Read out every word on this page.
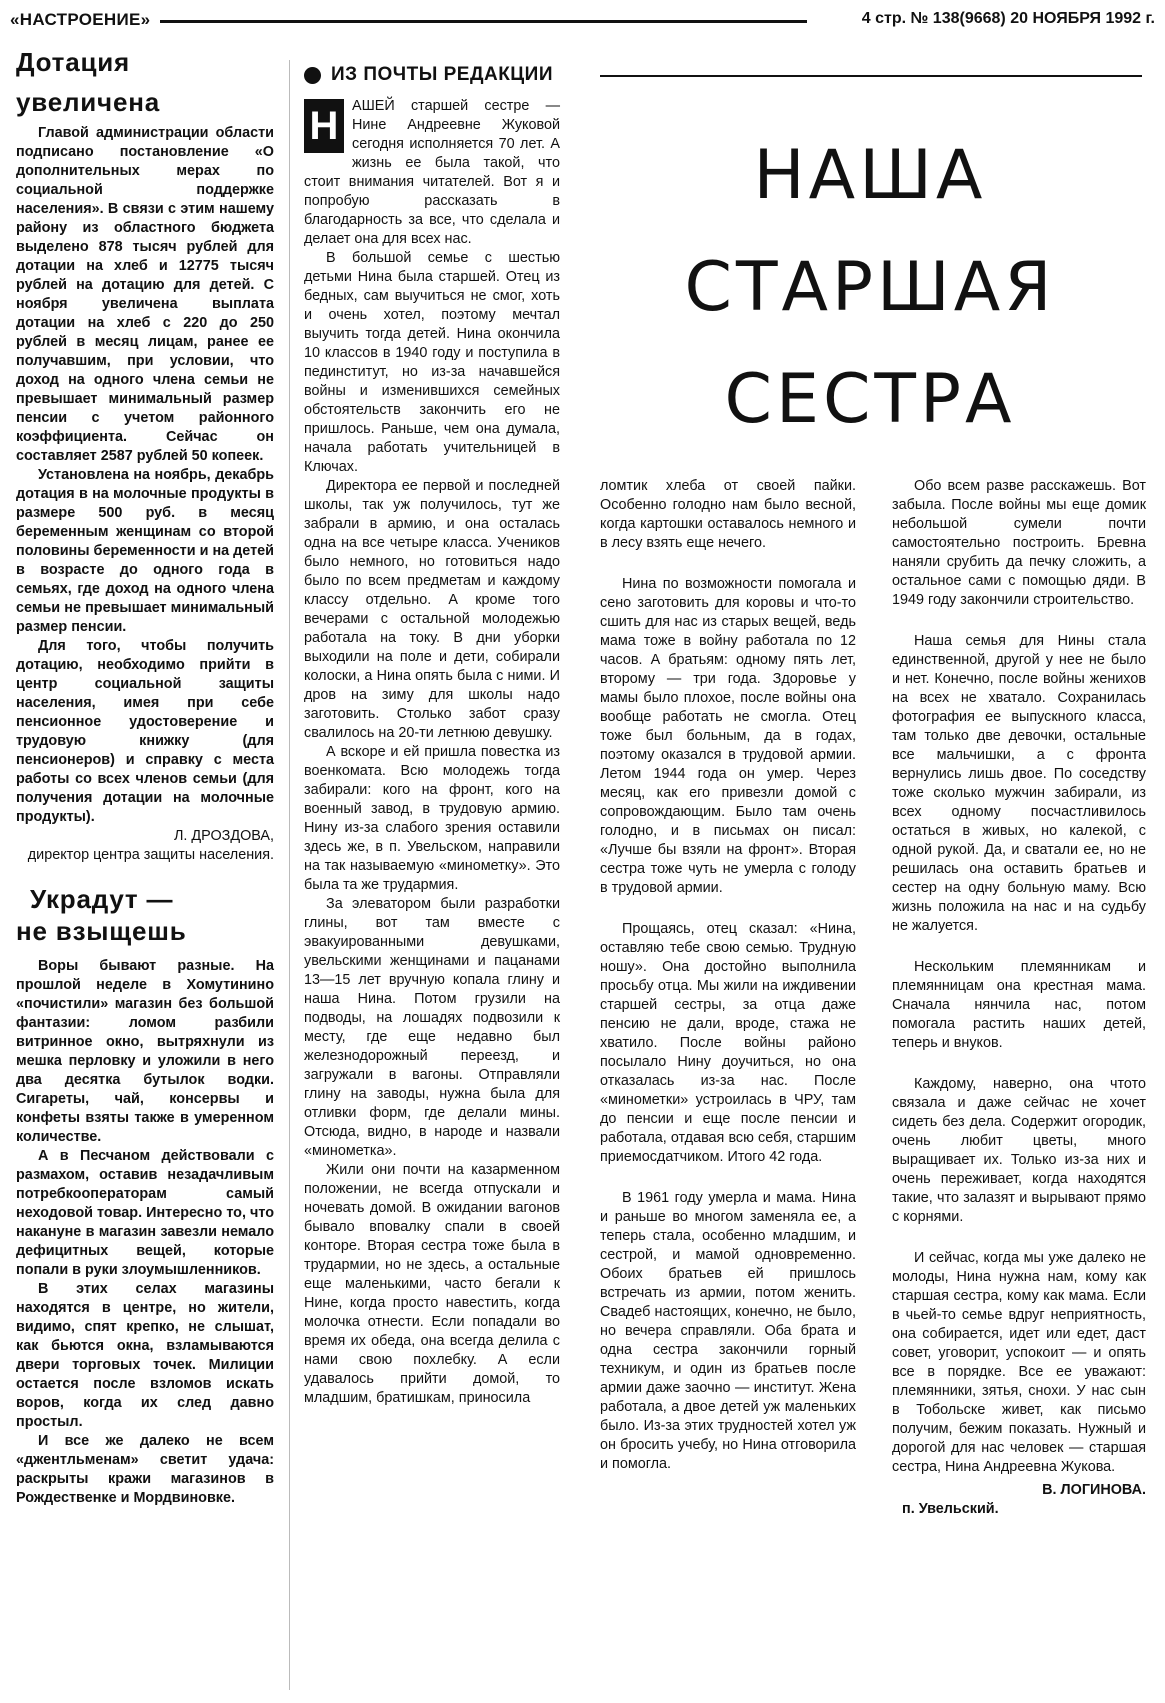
«НАСТРОЕНИЕ»	4 стр. № 138(9668) 20 НОЯБРЯ 1992 г.
Дотация увеличена

Главой администрации области подписано постановление «О дополнительных мерах по социальной поддержке населения». В связи с этим нашему району из областного бюджета выделено 878 тысяч рублей для дотации на хлеб и 12775 тысяч рублей на дотацию для детей. С ноября увеличена выплата дотации на хлеб с 220 до 250 рублей в месяц лицам, ранее ее получавшим, при условии, что доход на одного члена семьи не превышает минимальный размер пенсии с учетом районного коэффициента. Сейчас он составляет 2587 рублей 50 копеек.

Установлена на ноябрь, декабрь дотация в на молочные продукты в размере 500 руб. в месяц беременным женщинам со второй половины беременности и на детей в возрасте до одного года в семьях, где доход на одного члена семьи не превышает минимальный размер пенсии.

Для того, чтобы получить дотацию, необходимо прийти в центр социальной защиты населения, имея при себе пенсионное удостоверение и трудовую книжку (для пенсионеров) и справку с места работы со всех членов семьи (для получения дотации на молочные продукты).

Л. ДРОЗДОВА,

директор центра защиты населения.

Украдут —
не взыщешь

Воры бывают разные. На прошлой неделе в Хомутинино «почистили» магазин без большой фантазии: ломом разбили витринное окно, вытряхнули из мешка перловку и уложили в него два десятка бутылок водки. Сигареты, чай, консервы и конфеты взяты также в умеренном количестве.

А в Песчаном действовали с размахом, оставив незадачливым потребкооператорам самый неходовой товар. Интересно то, что накануне в магазин завезли немало дефицитных вещей, которые попали в руки злоумышленников.

В этих селах магазины находятся в центре, но жители, видимо, спят крепко, не слышат, как бьются окна, взламываются двери торговых точек. Милиции остается после взломов искать воров, когда их след давно простыл.

И все же далеко не всем «джентльменам» светит удача: раскрыты кражи магазинов в Рождественке и Мордвиновке.

ИЗ ПОЧТЫ РЕДАКЦИИ
НАША
СТАРШАЯ
СЕСТРА

Н АШЕЙ старшей сестре — Нине Андреевне Жуковой сегодня исполняется 70 лет. А жизнь ее была такой, что стоит внимания читателей. Вот я и попробую рассказать в благодарность за все, что сделала и делает она для всех нас.

В большой семье с шестью детьми Нина была старшей. Отец из бедных, сам выучиться не смог, хоть и очень хотел, поэтому мечтал выучить тогда детей. Нина окончила 10 классов в 1940 году и поступила в пединститут, но из-за начавшейся войны и изменившихся семейных обстоятельств закончить его не пришлось. Раньше, чем она думала, начала работать учительницей в Ключах.

Директора ее первой и последней школы, так уж получилось, тут же забрали в армию, и она осталась одна на все четыре класса. Учеников было немного, но готовиться надо было по всем предметам и каждому классу отдельно. А кроме того вечерами с остальной молодежью работала на току. В дни уборки выходили на поле и дети, собирали колоски, а Нина опять была с ними. И дров на зиму для школы надо заготовить. Столько забот сразу свалилось на 20-ти летнюю девушку.

А вскоре и ей пришла повестка из военкомата. Всю молодежь тогда забирали: кого на фронт, кого на военный завод, в трудовую армию. Нину из-за слабого зрения оставили здесь же, в п. Увельском, направили на так называемую «минометку». Это была та же трудармия.

За элеватором были разработки глины, вот там вместе с эвакуированными девушками, увельскими женщинами и пацанами 13—15 лет вручную копала глину и наша Нина. Потом грузили на подводы, на лошадях подвозили к месту, где еще недавно был железнодорожный переезд, и загружали в вагоны. Отправляли глину на заводы, нужна была для отливки форм, где делали мины. Отсюда, видно, в народе и назвали «минометка».

Жили они почти на казарменном положении, не всегда отпускали и ночевать домой. В ожидании вагонов бывало вповалку спали в своей конторе. Вторая сестра тоже была в трудармии, но не здесь, а остальные еще маленькими, часто бегали к Нине, когда просто навестить, когда молочка отнести. Если попадали во время их обеда, она всегда делила с нами свою похлебку. А если удавалось прийти домой, то младшим, братишкам, приносила

ломтик хлеба от своей пайки. Особенно голодно нам было весной, когда картошки оставалось немного и в лесу взять еще нечего.

Нина по возможности помогала и сено заготовить для коровы и что-то сшить для нас из старых вещей, ведь мама тоже в войну работала по 12 часов. А братьям: одному пять лет, второму — три года. Здоровье у мамы было плохое, после войны она вообще работать не смогла. Отец тоже был больным, да в годах, поэтому оказался в трудовой армии. Летом 1944 года он умер. Через месяц, как его привезли домой с сопровождающим. Было там очень голодно, и в письмах он писал: «Лучше бы взяли на фронт». Вторая сестра тоже чуть не умерла с голоду в трудовой армии.

Прощаясь, отец сказал: «Нина, оставляю тебе свою семью. Трудную ношу». Она достойно выполнила просьбу отца. Мы жили на иждивении старшей сестры, за отца даже пенсию не дали, вроде, стажа не хватило. После войны районо посылало Нину доучиться, но она отказалась из-за нас. После «минометки» устроилась в ЧРУ, там до пенсии и еще после пенсии и работала, отдавая всю себя, старшим приемосдатчиком. Итого 42 года.

В 1961 году умерла и мама. Нина и раньше во многом заменяла ее, а теперь стала, особенно младшим, и сестрой, и мамой одновременно. Обоих братьев ей пришлось встречать из армии, потом женить. Свадеб настоящих, конечно, не было, но вечера справляли. Оба брата и одна сестра закончили горный техникум, и один из братьев после армии даже заочно — институт. Жена работала, а двое детей уж маленьких было. Из-за этих трудностей хотел уж он бросить учебу, но Нина отговорила и помогла.

Обо всем разве расскажешь. Вот забыла. После войны мы еще домик небольшой сумели почти самостоятельно построить. Бревна наняли срубить да печку сложить, а остальное сами с помощью дяди. В 1949 году закончили строительство.

Наша семья для Нины стала единственной, другой у нее не было и нет. Конечно, после войны женихов на всех не хватало. Сохранилась фотография ее выпускного класса, там только две девочки, остальные все мальчишки, а с фронта вернулись лишь двое. По соседству тоже сколько мужчин забирали, из всех одному посчастливилось остаться в живых, но калекой, с одной рукой. Да, и сватали ее, но не решилась она оставить братьев и сестер на одну больную маму. Всю жизнь положила на нас и на судьбу не жалуется.

Нескольким племянникам и племянницам она крестная мама. Сначала нянчила нас, потом помогала растить наших детей, теперь и внуков.

Каждому, наверно, она чтото связала и даже сейчас не хочет сидеть без дела. Содержит огородик, очень любит цветы, много выращивает их. Только из-за них и очень переживает, когда находятся такие, что залазят и вырывают прямо с корнями.

И сейчас, когда мы уже далеко не молоды, Нина нужна нам, кому как старшая сестра, кому как мама. Если в чьей-то семье вдруг неприятность, она собирается, идет или едет, даст совет, уговорит, успокоит — и опять все в порядке. Все ее уважают: племянники, зятья, снохи. У нас сын в Тобольске живет, как письмо получим, бежим показать. Нужный и дорогой для нас человек — старшая сестра, Нина Андреевна Жукова.

В. ЛОГИНОВА.

п. Увельский.
